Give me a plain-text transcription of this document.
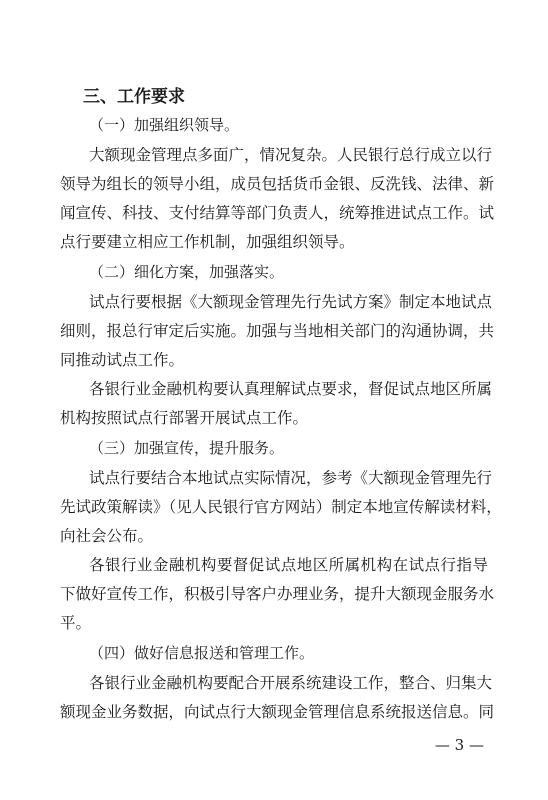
三、工作要求
（一）加强组织领导。
大额现金管理点多面广，情况复杂。人民银行总行成立以行
领导为组长的领导小组，成员包括货币金银、反洗钱、法律、新
闻宣传、科技、支付结算等部门负责人，统筹推进试点工作。试
点行要建立相应工作机制，加强组织领导。
（二）细化方案，加强落实。
试点行要根据《大额现金管理先行先试方案》制定本地试点
细则，报总行审定后实施。加强与当地相关部门的沟通协调，共
同推动试点工作。
各银行业金融机构要认真理解试点要求，督促试点地区所属
机构按照试点行部署开展试点工作。
（三）加强宣传，提升服务。
试点行要结合本地试点实际情况，参考《大额现金管理先行
先试政策解读》（见人民银行官方网站）制定本地宣传解读材料，
向社会公布。
各银行业金融机构要督促试点地区所属机构在试点行指导
下做好宣传工作，积极引导客户办理业务，提升大额现金服务水
平。
（四）做好信息报送和管理工作。
各银行业金融机构要配合开展系统建设工作，整合、归集大
额现金业务数据，向试点行大额现金管理信息系统报送信息。同
— 3 —
